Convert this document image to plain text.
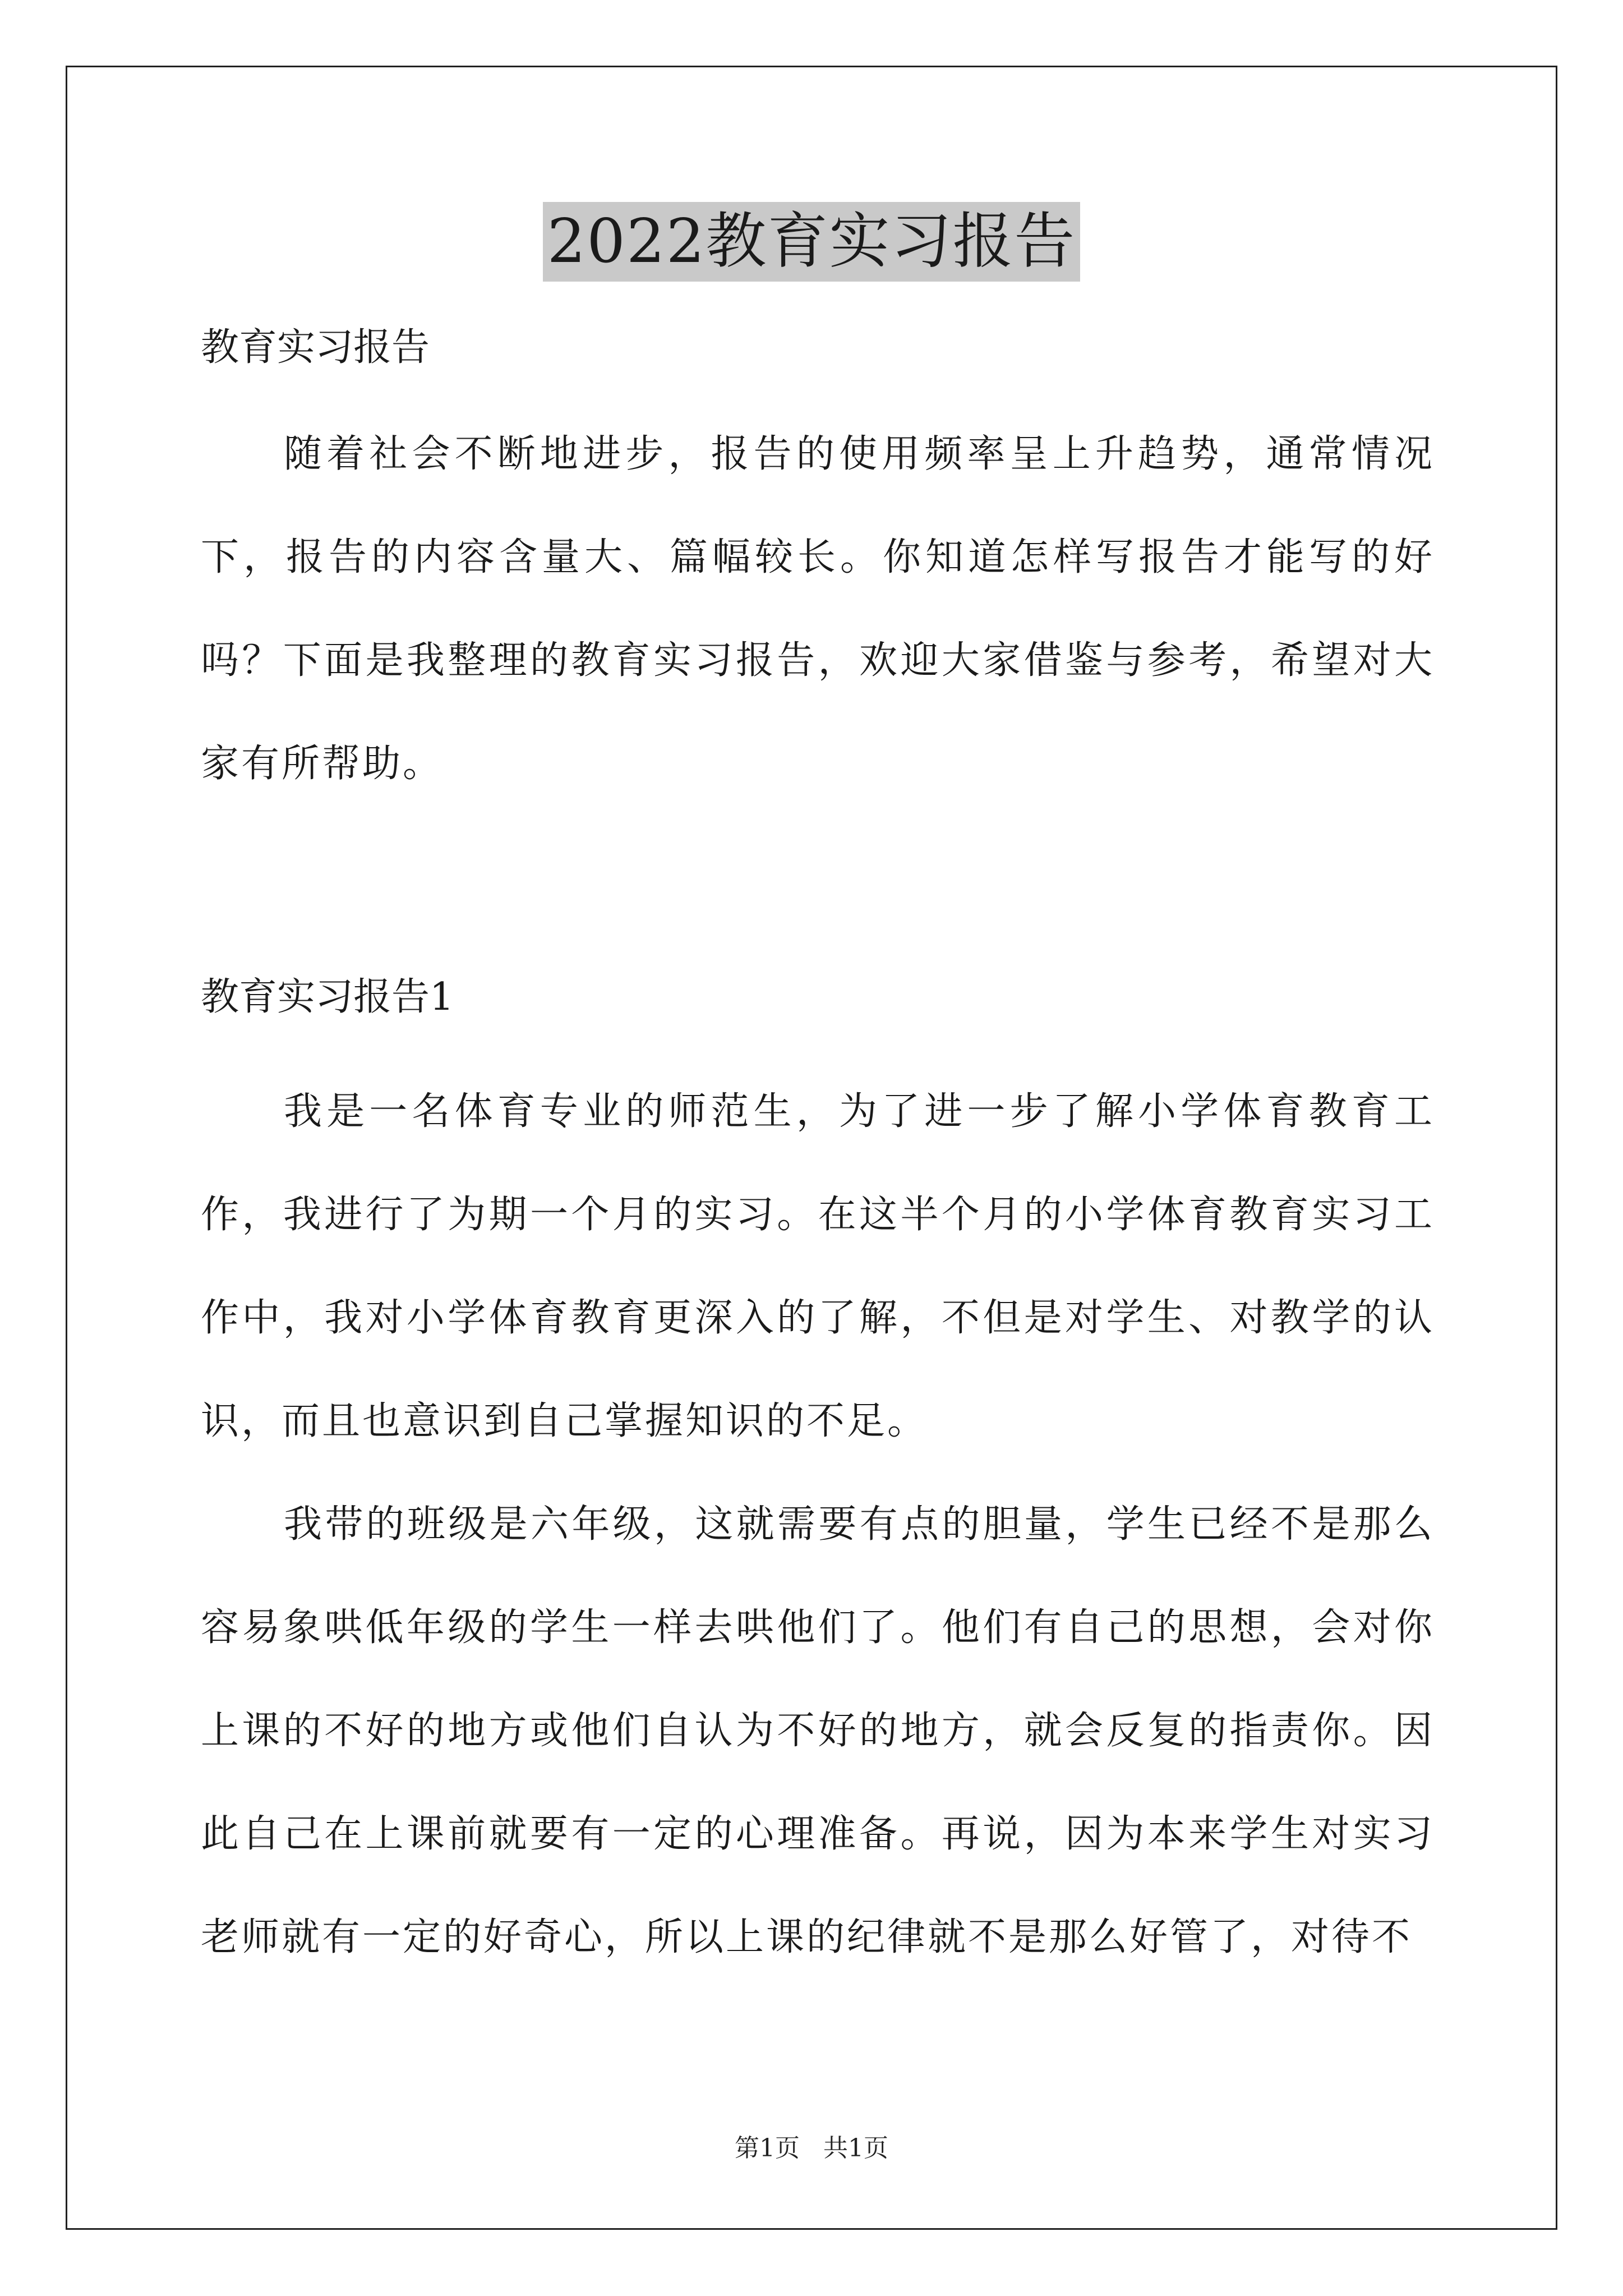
2022教育实习报告

教育实习报告

随着社会不断地进步，报告的使用频率呈上升趋势，通常情况下，报告的内容含量大、篇幅较长。你知道怎样写报告才能写的好吗？下面是我整理的教育实习报告，欢迎大家借鉴与参考，希望对大家有所帮助。

教育实习报告1

我是一名体育专业的师范生，为了进一步了解小学体育教育工作，我进行了为期一个月的实习。在这半个月的小学体育教育实习工作中，我对小学体育教育更深入的了解，不但是对学生、对教学的认识，而且也意识到自己掌握知识的不足。

我带的班级是六年级，这就需要有点的胆量，学生已经不是那么容易象哄低年级的学生一样去哄他们了。他们有自己的思想，会对你上课的不好的地方或他们自认为不好的地方，就会反复的指责你。因此自己在上课前就要有一定的心理准备。再说，因为本来学生对实习老师就有一定的好奇心，所以上课的纪律就不是那么好管了，对待不

第1页 共1页
